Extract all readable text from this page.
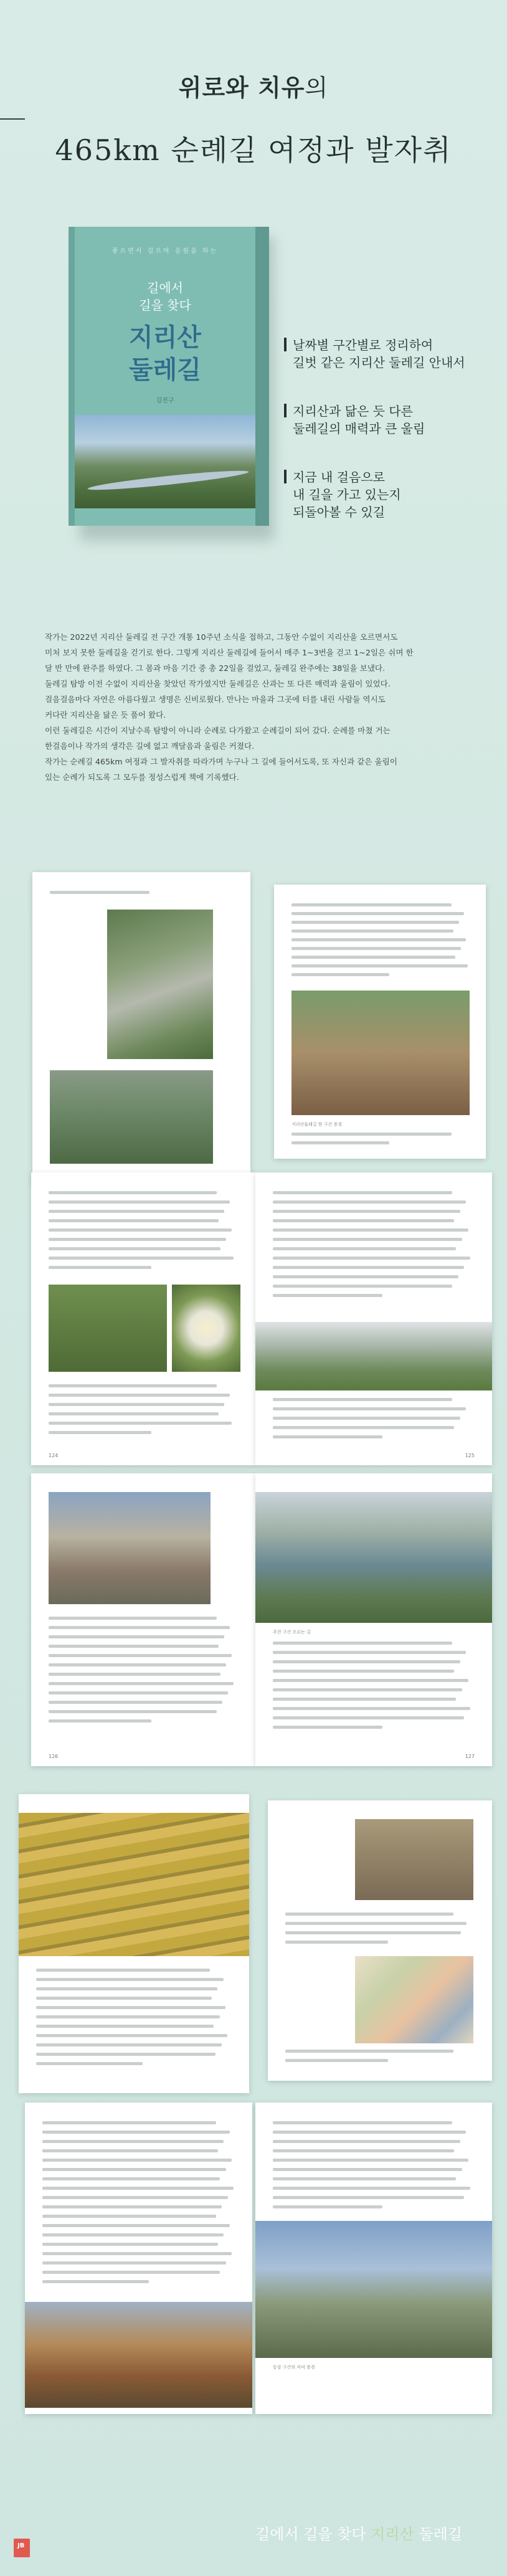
위로와 치유의
465km 순례길 여정과 발자취
좋으면서 걸으며 응원을 하는
길에서
길을 찾다
지리산
둘레길
김진구
날짜별 구간별로 정리하여
길벗 같은 지리산 둘레길 안내서
지리산과 닮은 듯 다른
둘레길의 매력과 큰 울림
지금 내 걸음으로
내 길을 가고 있는지
되돌아볼 수 있길

작가는 2022년 지리산 둘레길 전 구간 개통 10주년 소식을 접하고, 그동안 수없이 지리산을 오르면서도

미처 보지 못한 둘레길을 걷기로 한다. 그렇게 지리산 둘레길에 들어서 매주 1~3번을 걷고 1~2일은 쉬며 한

달 반 만에 완주를 하였다. 그 몸과 마음 기간 중 총 22일을 걸었고, 둘레길 완주에는 38일을 보냈다.

둘레길 탐방 이전 수없이 지리산을 찾았던 작가였지만 둘레길은 산과는 또 다른 매력과 울림이 있었다.

걸음걸음마다 자연은 아름다웠고 생명은 신비로웠다. 만나는 마을과 그곳에 터를 내린 사람들 역시도

커다란 지리산을 닮은 듯 품어 왔다.

이런 둘레길은 시간이 지날수록 탐방이 아니라 순례로 다가왔고 순례길이 되어 갔다. 순례를 마쳤 거는

한걸음이나 작가의 생각은 길에 없고 깨달음과 울림은 커졌다.

작가는 순례길 465km 여정과 그 발자취를 따라가며 누구나 그 길에 들어서도록, 또 자신과 같은 울림이

있는 순례가 되도록 그 모두를 정성스럽게 책에 기록했다.

지리산둘레길 한 구간 풍경
124	125
126
주천 구간 오르는 길
127
동강 구간의 저녁 풍경
길에서 길을 찾다 지리산 둘레길
JB
